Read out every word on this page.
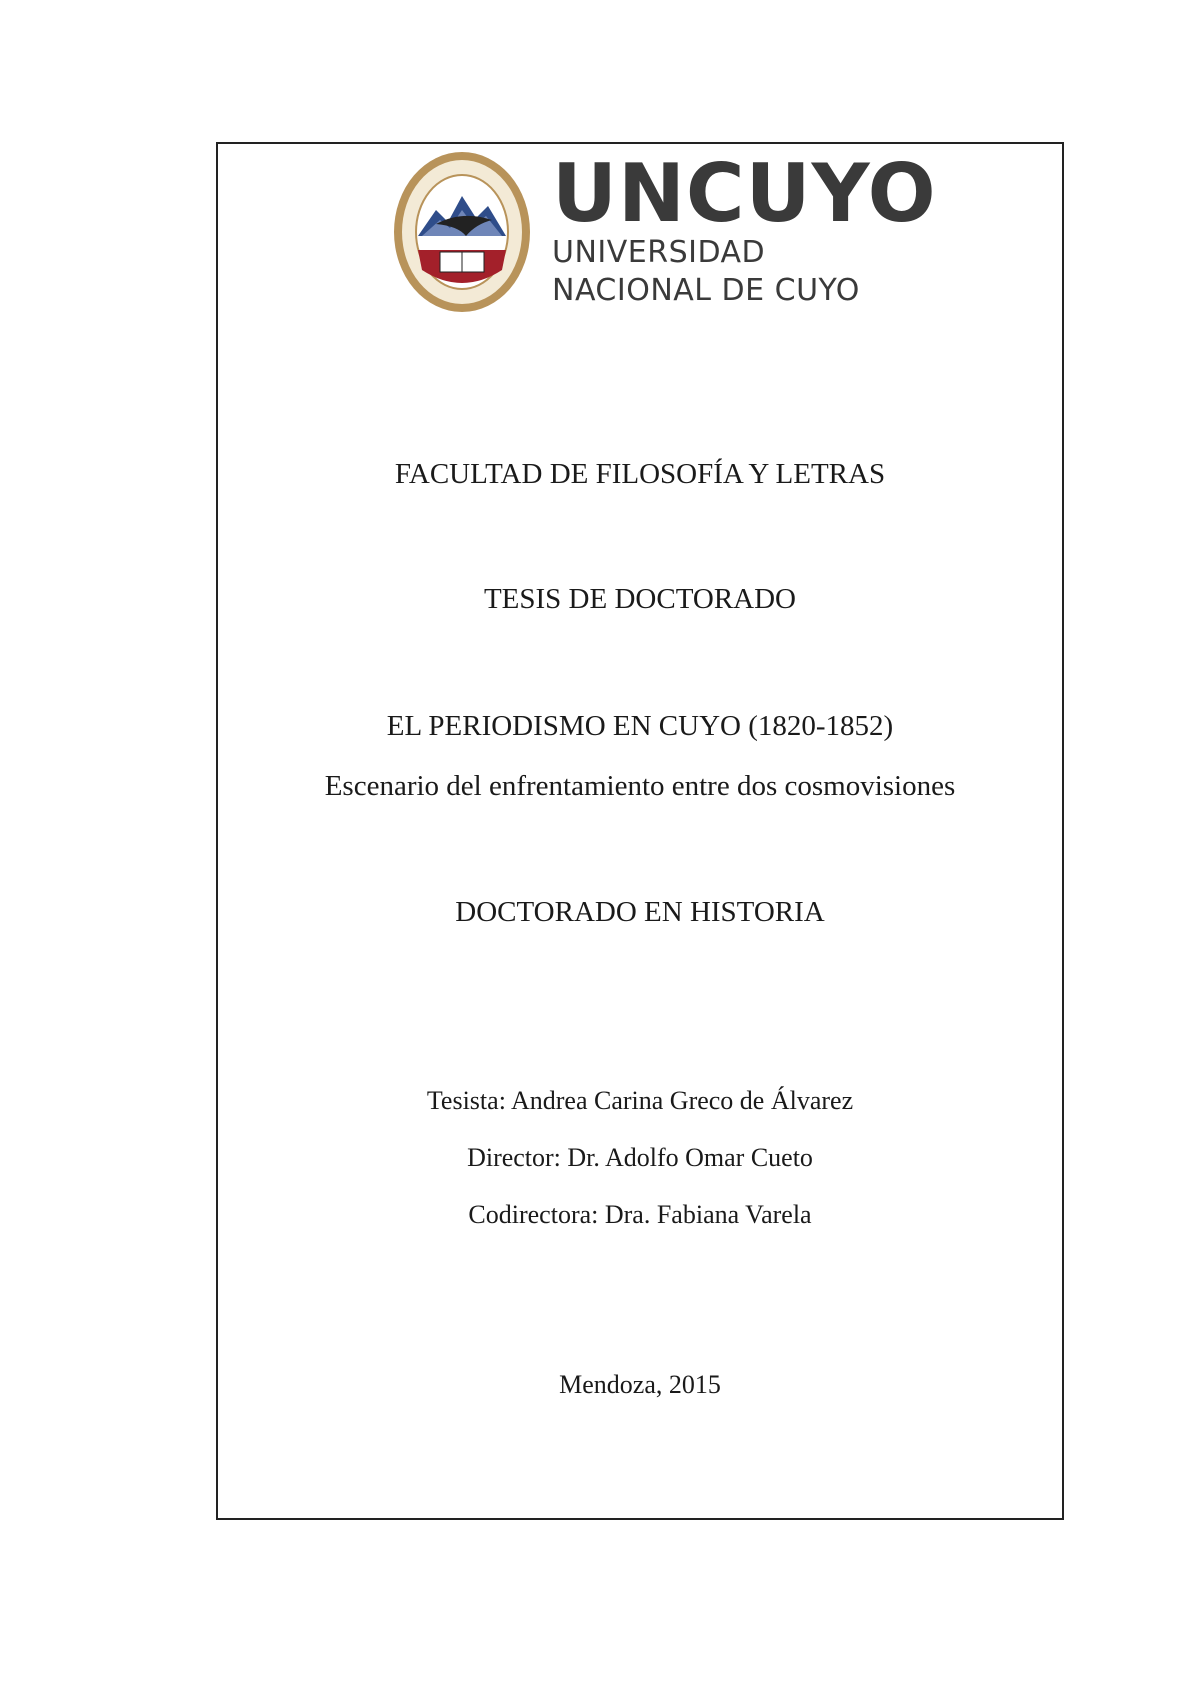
UNCUYO
UNIVERSIDAD
NACIONAL DE CUYO
FACULTAD DE FILOSOFÍA Y LETRAS
TESIS DE DOCTORADO
EL PERIODISMO EN CUYO (1820-1852)
Escenario del enfrentamiento entre dos cosmovisiones
DOCTORADO EN HISTORIA
Tesista: Andrea Carina Greco de Álvarez
Director: Dr. Adolfo Omar Cueto
Codirectora: Dra. Fabiana Varela
Mendoza, 2015
